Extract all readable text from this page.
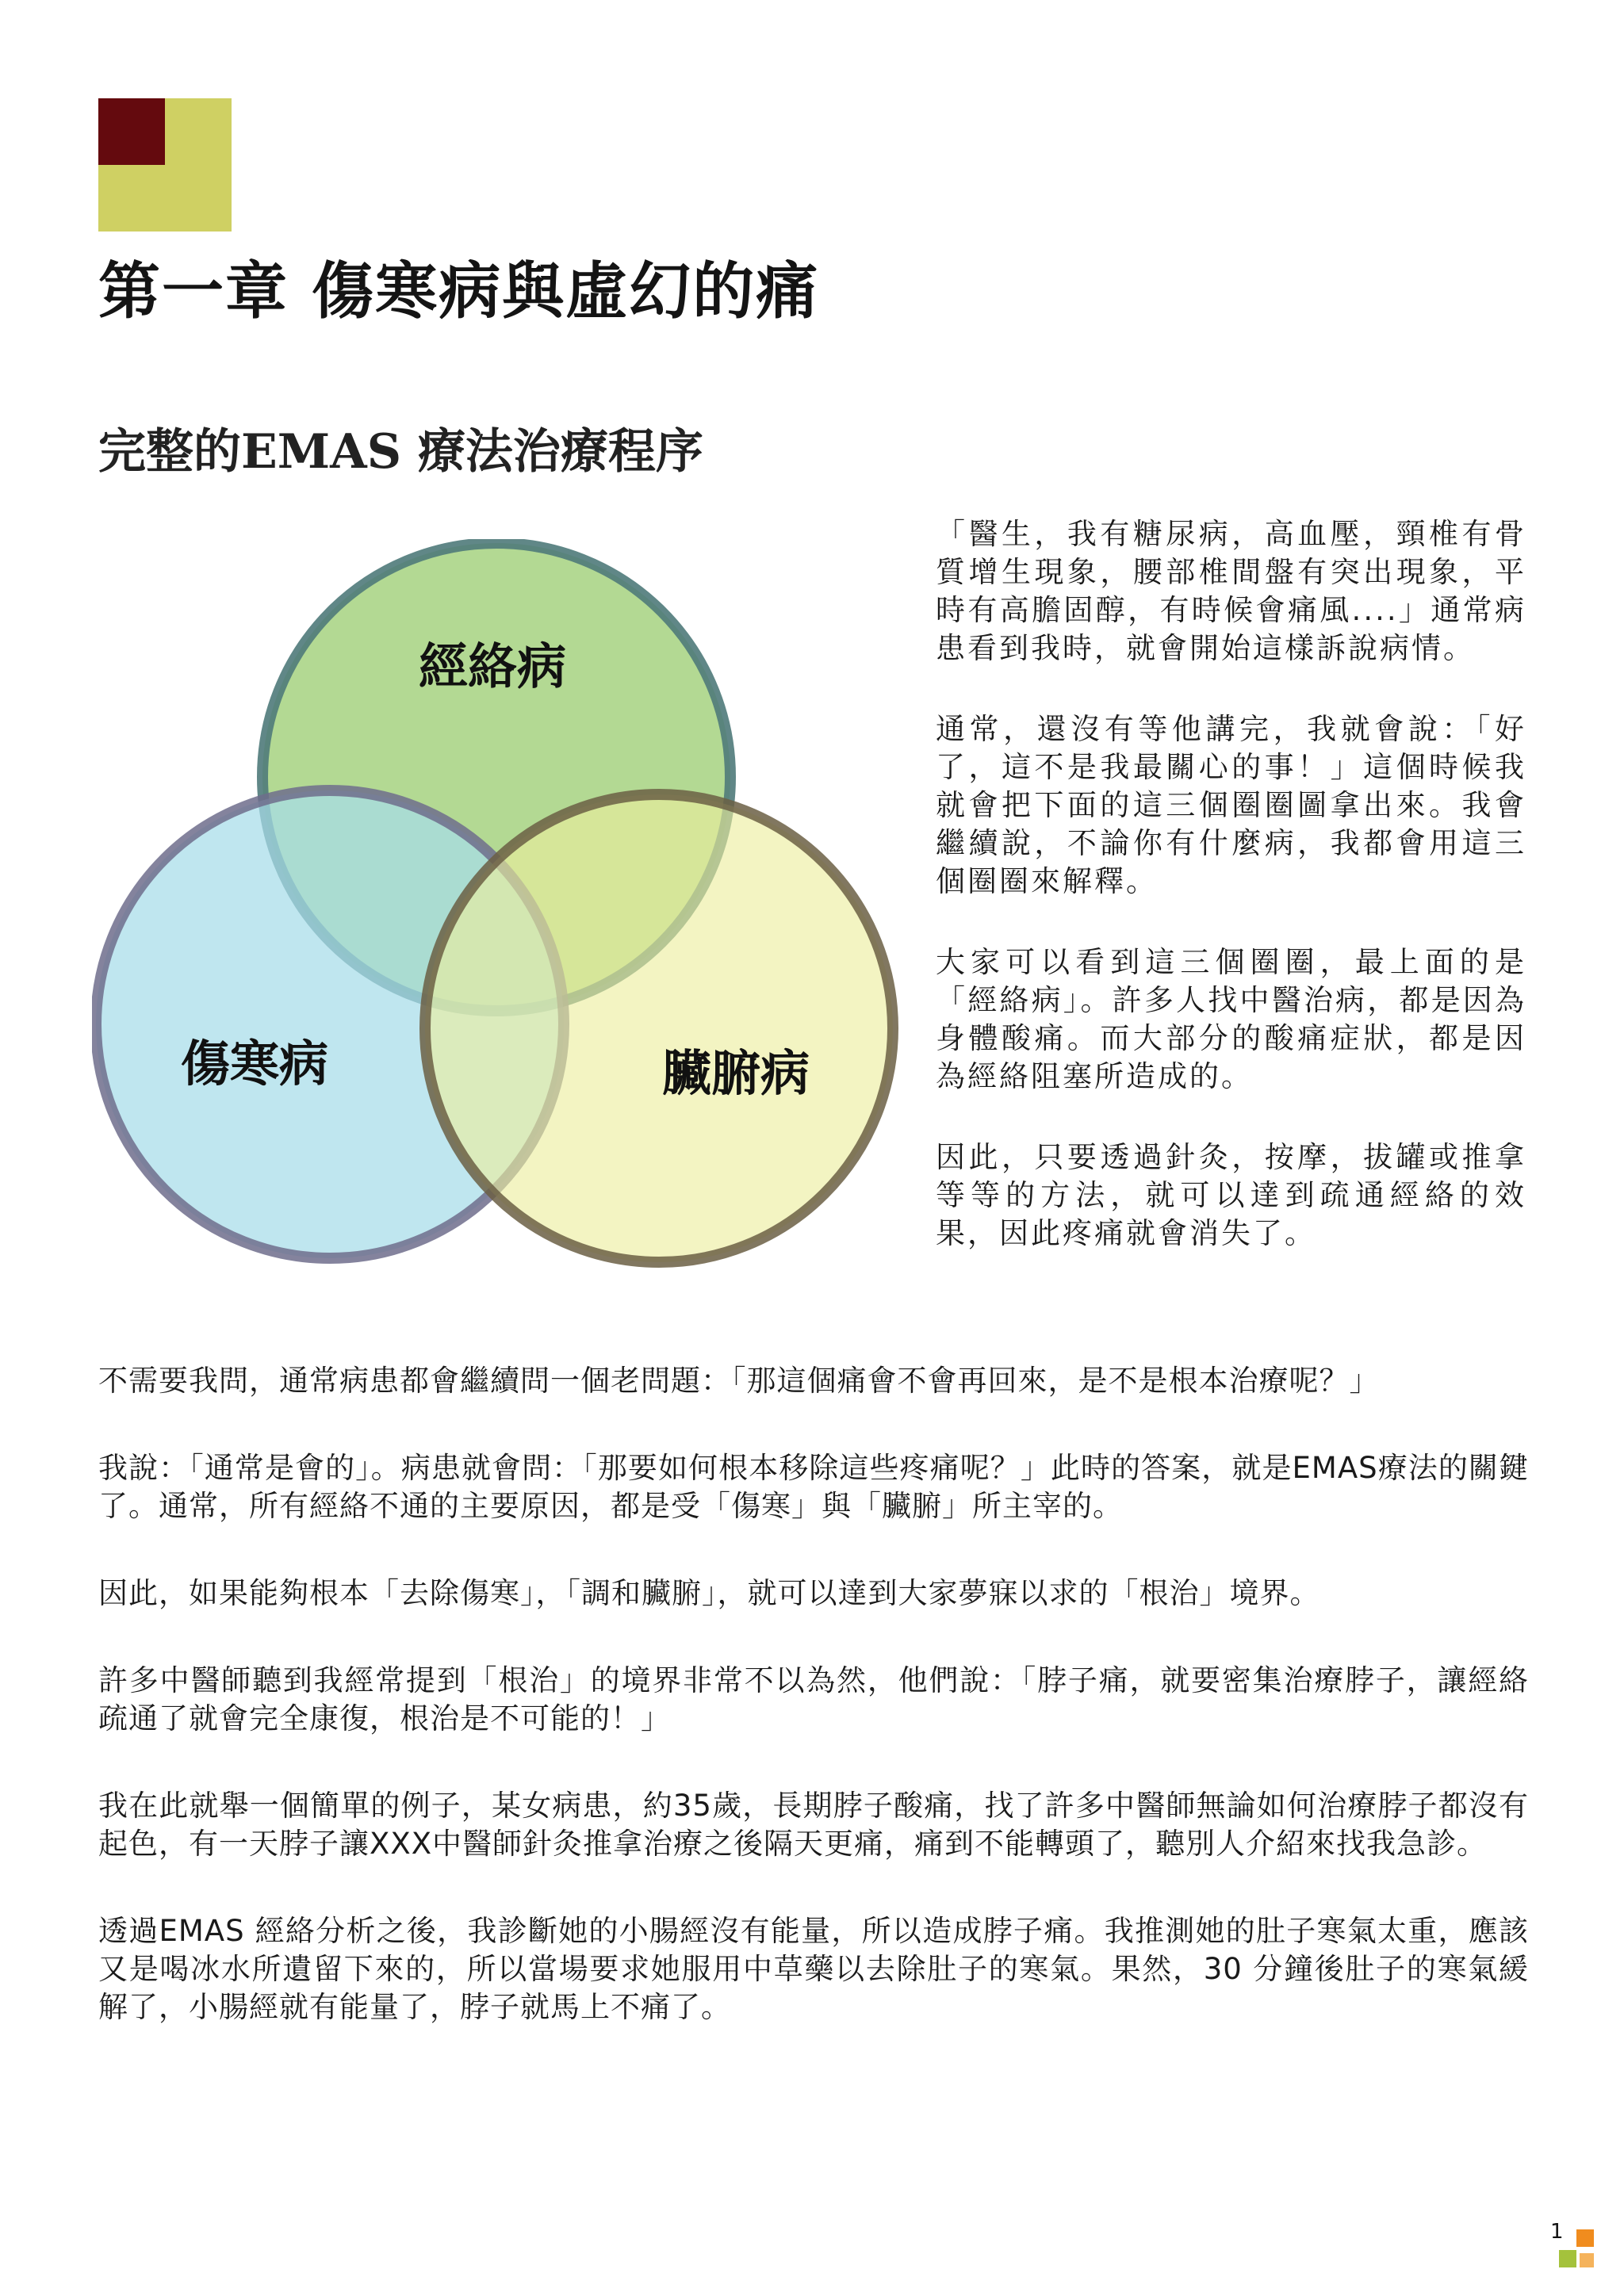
第一章 傷寒病與虛幻的痛
完整的EMAS 療法治療程序
經絡病
傷寒病	臟腑病

「醫生，我有糖尿病，高血壓，頸椎有骨質增生現象，腰部椎間盤有突出現象，平時有高膽固醇，有時候會痛風....」通常病患看到我時，就會開始這樣訴說病情。

通常，還沒有等他講完，我就會說：「好了，這不是我最關心的事！」這個時候我就會把下面的這三個圈圈圖拿出來。我會繼續說，不論你有什麼病，我都會用這三個圈圈來解釋。

大家可以看到這三個圈圈，最上面的是「經絡病」。許多人找中醫治病，都是因為身體酸痛。而大部分的酸痛症狀，都是因為經絡阻塞所造成的。

因此，只要透過針灸，按摩，拔罐或推拿等等的方法，就可以達到疏通經絡的效果，因此疼痛就會消失了。

不需要我問，通常病患都會繼續問一個老問題：「那這個痛會不會再回來，是不是根本治療呢？」

我說：「通常是會的」。病患就會問：「那要如何根本移除這些疼痛呢？」此時的答案，就是EMAS療法的關鍵了。通常，所有經絡不通的主要原因，都是受「傷寒」與「臟腑」所主宰的。

因此，如果能夠根本「去除傷寒」，「調和臟腑」，就可以達到大家夢寐以求的「根治」境界。

許多中醫師聽到我經常提到「根治」的境界非常不以為然，他們說：「脖子痛，就要密集治療脖子，讓經絡疏通了就會完全康復，根治是不可能的！」

我在此就舉一個簡單的例子，某女病患，約35歲，長期脖子酸痛，找了許多中醫師無論如何治療脖子都沒有起色，有一天脖子讓XXX中醫師針灸推拿治療之後隔天更痛，痛到不能轉頭了，聽別人介紹來找我急診。

透過EMAS 經絡分析之後，我診斷她的小腸經沒有能量，所以造成脖子痛。我推測她的肚子寒氣太重，應該又是喝冰水所遺留下來的，所以當場要求她服用中草藥以去除肚子的寒氣。果然，30 分鐘後肚子的寒氣緩解了，小腸經就有能量了，脖子就馬上不痛了。

1
